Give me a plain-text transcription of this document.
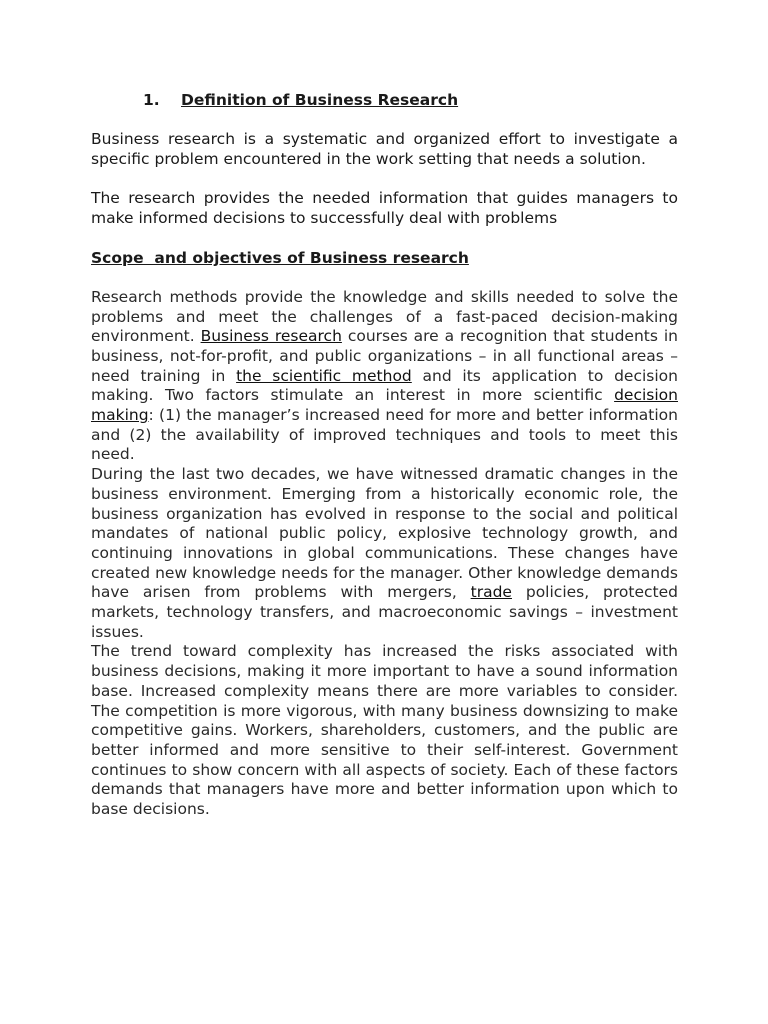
1. Definition of Business Research

Business research is a systematic and organized effort to investigate a specific problem encountered in the work setting that needs a solution.

The research provides the needed information that guides managers to make informed decisions to successfully deal with problems

Scope  and objectives of Business research

Research methods provide the knowledge and skills needed to solve the problems and meet the challenges of a fast-paced decision-making environment. Business research courses are a recognition that students in business, not-for-profit, and public organizations – in all functional areas – need training in the scientific method and its application to decision making. Two factors stimulate an interest in more scientific decision making: (1) the manager’s increased need for more and better information and (2) the availability of improved techniques and tools to meet this need.

During the last two decades, we have witnessed dramatic changes in the business environment. Emerging from a historically economic role, the business organization has evolved in response to the social and political mandates of national public policy, explosive technology growth, and continuing innovations in global communications. These changes have created new knowledge needs for the manager. Other knowledge demands have arisen from problems with mergers, trade policies, protected markets, technology transfers, and macroeconomic savings – investment issues.

The trend toward complexity has increased the risks associated with business decisions, making it more important to have a sound information base. Increased complexity means there are more variables to consider. The competition is more vigorous, with many business downsizing to make competitive gains. Workers, shareholders, customers, and the public are better informed and more sensitive to their self-interest. Government continues to show concern with all aspects of society. Each of these factors demands that managers have more and better information upon which to base decisions.
